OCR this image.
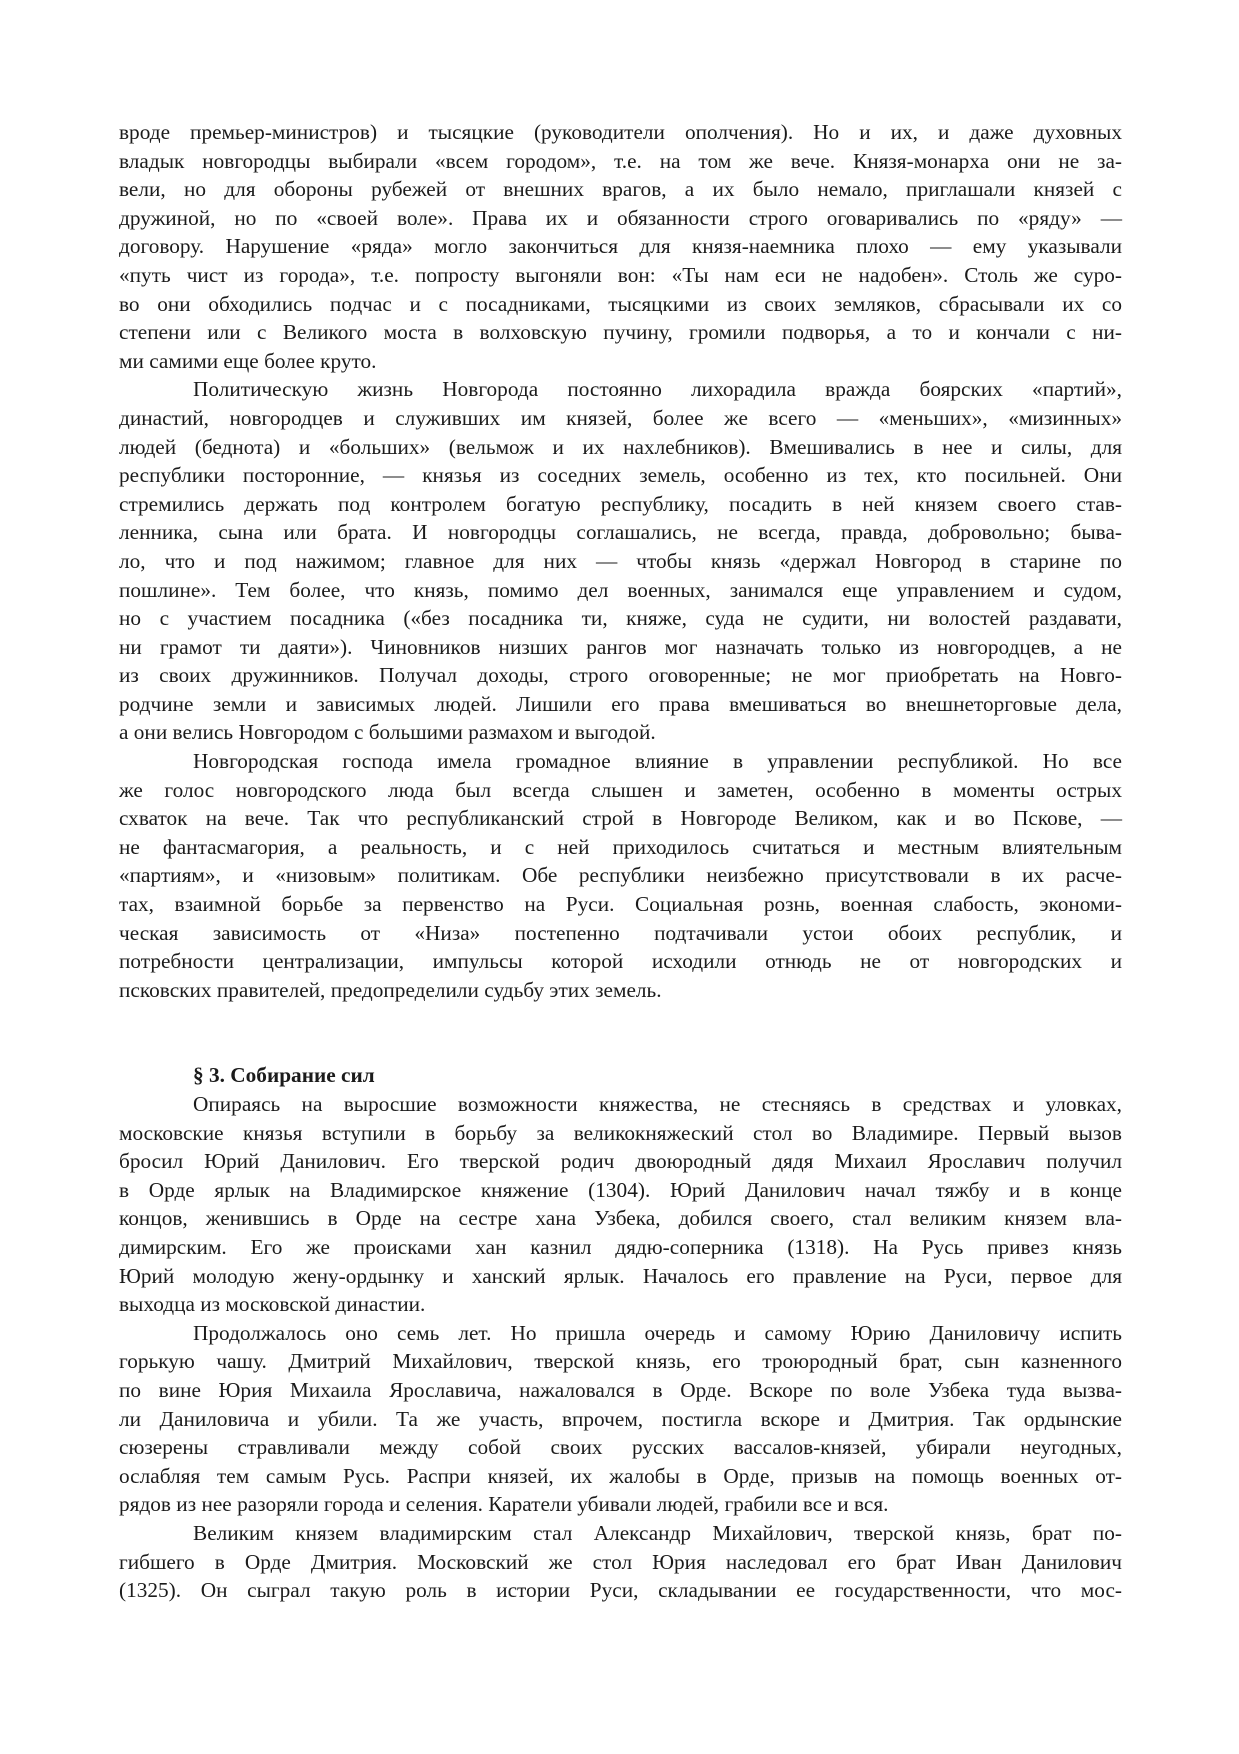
вроде премьер-министров) и тысяцкие (руководители ополчения). Но и их, и даже духовных
владык новгородцы выбирали «всем городом», т.е. на том же вече. Князя-монарха они не за-
вели, но для обороны рубежей от внешних врагов, а их было немало, приглашали князей с
дружиной, но по «своей воле». Права их и обязанности строго оговаривались по «ряду» —
договору. Нарушение «ряда» могло закончиться для князя-наемника плохо — ему указывали
«путь чист из города», т.е. попросту выгоняли вон: «Ты нам еси не надобен». Столь же суро-
во они обходились подчас и с посадниками, тысяцкими из своих земляков, сбрасывали их со
степени или с Великого моста в волховскую пучину, громили подворья, а то и кончали с ни-
ми самими еще более круто.
Политическую жизнь Новгорода постоянно лихорадила вражда боярских «партий»,
династий, новгородцев и служивших им князей, более же всего — «меньших», «мизинных»
людей (беднота) и «больших» (вельмож и их нахлебников). Вмешивались в нее и силы, для
республики посторонние, — князья из соседних земель, особенно из тех, кто посильней. Они
стремились держать под контролем богатую республику, посадить в ней князем своего став-
ленника, сына или брата. И новгородцы соглашались, не всегда, правда, добровольно; быва-
ло, что и под нажимом; главное для них — чтобы князь «держал Новгород в старине по
пошлине». Тем более, что князь, помимо дел военных, занимался еще управлением и судом,
но с участием посадника («без посадника ти, княже, суда не судити, ни волостей раздавати,
ни грамот ти даяти»). Чиновников низших рангов мог назначать только из новгородцев, а не
из своих дружинников. Получал доходы, строго оговоренные; не мог приобретать на Новго-
родчине земли и зависимых людей. Лишили его права вмешиваться во внешнеторговые дела,
а они велись Новгородом с большими размахом и выгодой.
Новгородская господа имела громадное влияние в управлении республикой. Но все
же голос новгородского люда был всегда слышен и заметен, особенно в моменты острых
схваток на вече. Так что республиканский строй в Новгороде Великом, как и во Пскове, —
не фантасмагория, а реальность, и с ней приходилось считаться и местным влиятельным
«партиям», и «низовым» политикам. Обе республики неизбежно присутствовали в их расче-
тах, взаимной борьбе за первенство на Руси. Социальная рознь, военная слабость, экономи-
ческая зависимость от «Низа» постепенно подтачивали устои обоих республик, и
потребности централизации, импульсы которой исходили отнюдь не от новгородских и
псковских правителей, предопределили судьбу этих земель.
§ 3. Собирание сил
Опираясь на выросшие возможности княжества, не стесняясь в средствах и уловках,
московские князья вступили в борьбу за великокняжеский стол во Владимире. Первый вызов
бросил Юрий Данилович. Его тверской родич двоюродный дядя Михаил Ярославич получил
в Орде ярлык на Владимирское княжение (1304). Юрий Данилович начал тяжбу и в конце
концов, женившись в Орде на сестре хана Узбека, добился своего, стал великим князем вла-
димирским. Его же происками хан казнил дядю-соперника (1318). На Русь привез князь
Юрий молодую жену-ордынку и ханский ярлык. Началось его правление на Руси, первое для
выходца из московской династии.
Продолжалось оно семь лет. Но пришла очередь и самому Юрию Даниловичу испить
горькую чашу. Дмитрий Михайлович, тверской князь, его троюродный брат, сын казненного
по вине Юрия Михаила Ярославича, нажаловался в Орде. Вскоре по воле Узбека туда вызва-
ли Даниловича и убили. Та же участь, впрочем, постигла вскоре и Дмитрия. Так ордынские
сюзерены стравливали между собой своих русских вассалов-князей, убирали неугодных,
ослабляя тем самым Русь. Распри князей, их жалобы в Орде, призыв на помощь военных от-
рядов из нее разоряли города и селения. Каратели убивали людей, грабили все и вся.
Великим князем владимирским стал Александр Михайлович, тверской князь, брат по-
гибшего в Орде Дмитрия. Московский же стол Юрия наследовал его брат Иван Данилович
(1325). Он сыграл такую роль в истории Руси, складывании ее государственности, что мос-
